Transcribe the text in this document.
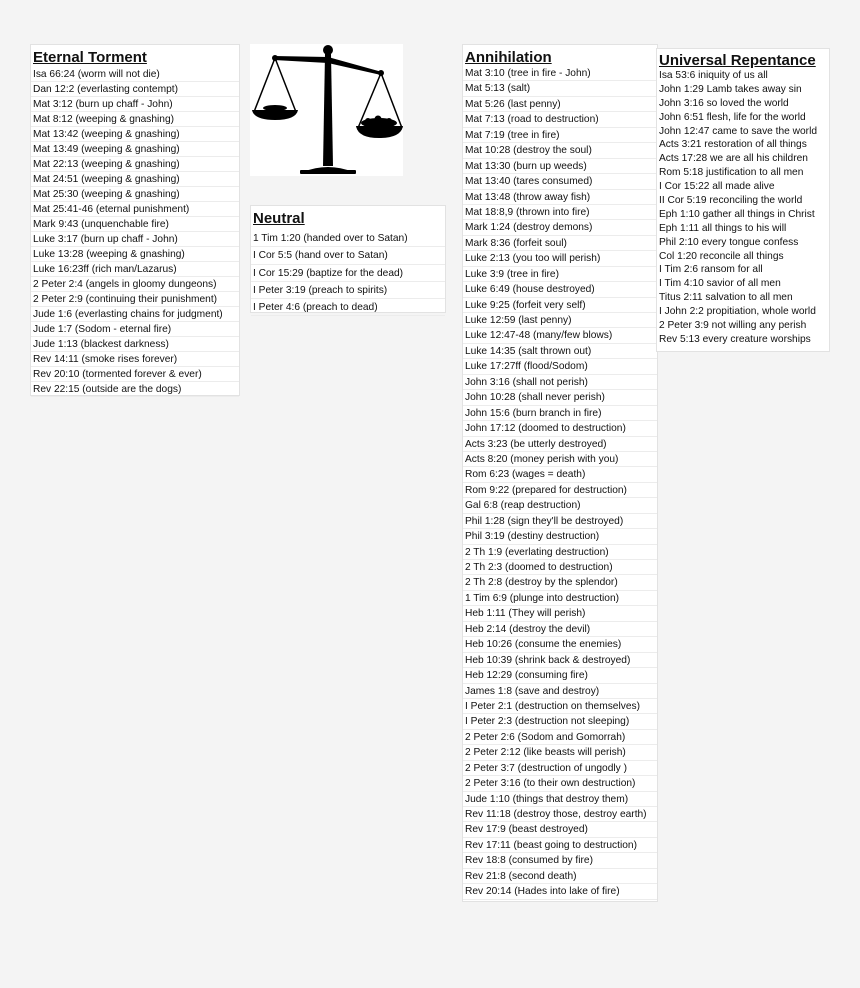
Eternal Torment
Isa 66:24 (worm will not die)
Dan 12:2 (everlasting contempt)
Mat 3:12 (burn up chaff - John)
Mat 8:12 (weeping & gnashing)
Mat 13:42 (weeping & gnashing)
Mat 13:49 (weeping & gnashing)
Mat 22:13 (weeping & gnashing)
Mat 24:51 (weeping & gnashing)
Mat 25:30 (weeping & gnashing)
Mat 25:41-46 (eternal punishment)
Mark 9:43 (unquenchable fire)
Luke 3:17 (burn up chaff - John)
Luke 13:28 (weeping & gnashing)
Luke 16:23ff (rich man/Lazarus)
2 Peter 2:4 (angels in gloomy dungeons)
2 Peter 2:9 (continuing their punishment)
Jude 1:6 (everlasting chains for judgment)
Jude 1:7 (Sodom - eternal fire)
Jude 1:13 (blackest darkness)
Rev 14:11 (smoke rises forever)
Rev 20:10 (tormented forever & ever)
Rev 22:15 (outside are the dogs)
Neutral
1 Tim 1:20 (handed over to Satan)
I Cor 5:5 (hand over to Satan)
I Cor 15:29 (baptize for the dead)
I Peter 3:19 (preach to spirits)
I Peter 4:6 (preach to dead)
Annihilation
Mat 3:10 (tree in fire - John)
Mat 5:13 (salt)
Mat 5:26 (last penny)
Mat 7:13 (road to destruction)
Mat 7:19 (tree in fire)
Mat 10:28 (destroy the soul)
Mat 13:30 (burn up weeds)
Mat 13:40 (tares consumed)
Mat 13:48 (throw away fish)
Mat 18:8,9 (thrown into fire)
Mark 1:24 (destroy demons)
Mark 8:36 (forfeit soul)
Luke 2:13 (you too will perish)
Luke 3:9 (tree in fire)
Luke 6:49 (house destroyed)
Luke 9:25 (forfeit very self)
Luke 12:59 (last penny)
Luke 12:47-48 (many/few blows)
Luke 14:35 (salt thrown out)
Luke 17:27ff (flood/Sodom)
John 3:16 (shall not perish)
John 10:28 (shall never perish)
John 15:6 (burn branch in fire)
John 17:12 (doomed to destruction)
Acts 3:23 (be utterly destroyed)
Acts 8:20 (money perish with you)
Rom 6:23 (wages = death)
Rom 9:22 (prepared for destruction)
Gal 6:8 (reap destruction)
Phil 1:28 (sign they'll be destroyed)
Phil 3:19 (destiny destruction)
2 Th 1:9 (everlating destruction)
2 Th 2:3 (doomed to destruction)
2 Th 2:8 (destroy by the splendor)
1 Tim 6:9 (plunge into destruction)
Heb 1:11 (They will perish)
Heb 2:14 (destroy the devil)
Heb 10:26 (consume the enemies)
Heb 10:39 (shrink back & destroyed)
Heb 12:29 (consuming fire)
James 1:8 (save and destroy)
I Peter 2:1 (destruction on themselves)
I Peter 2:3 (destruction not sleeping)
2 Peter 2:6 (Sodom and Gomorrah)
2 Peter 2:12 (like beasts will perish)
2 Peter 3:7 (destruction of ungodly )
2 Peter 3:16 (to their own destruction)
Jude 1:10 (things that destroy them)
Rev 11:18 (destroy those, destroy earth)
Rev 17:9 (beast destroyed)
Rev 17:11 (beast going to destruction)
Rev 18:8 (consumed by fire)
Rev 21:8 (second death)
Rev 20:14 (Hades into lake of fire)
Universal Repentance
Isa 53:6 iniquity of us all
John 1:29 Lamb takes away sin
John 3:16 so loved the world
John 6:51 flesh, life for the world
John 12:47 came to save the world
Acts 3:21 restoration of all things
Acts 17:28 we are all his children
Rom 5:18 justification to all men
I Cor 15:22 all made alive
II Cor 5:19 reconciling the world
Eph 1:10 gather all things in Christ
Eph 1:11 all things to his will
Phil 2:10 every tongue confess
Col 1:20 reconcile all things
I Tim 2:6 ransom for all
I Tim 4:10 savior of all men
Titus 2:11 salvation to all men
I John 2:2 propitiation, whole world
2 Peter 3:9 not willing any perish
Rev 5:13 every creature worships
